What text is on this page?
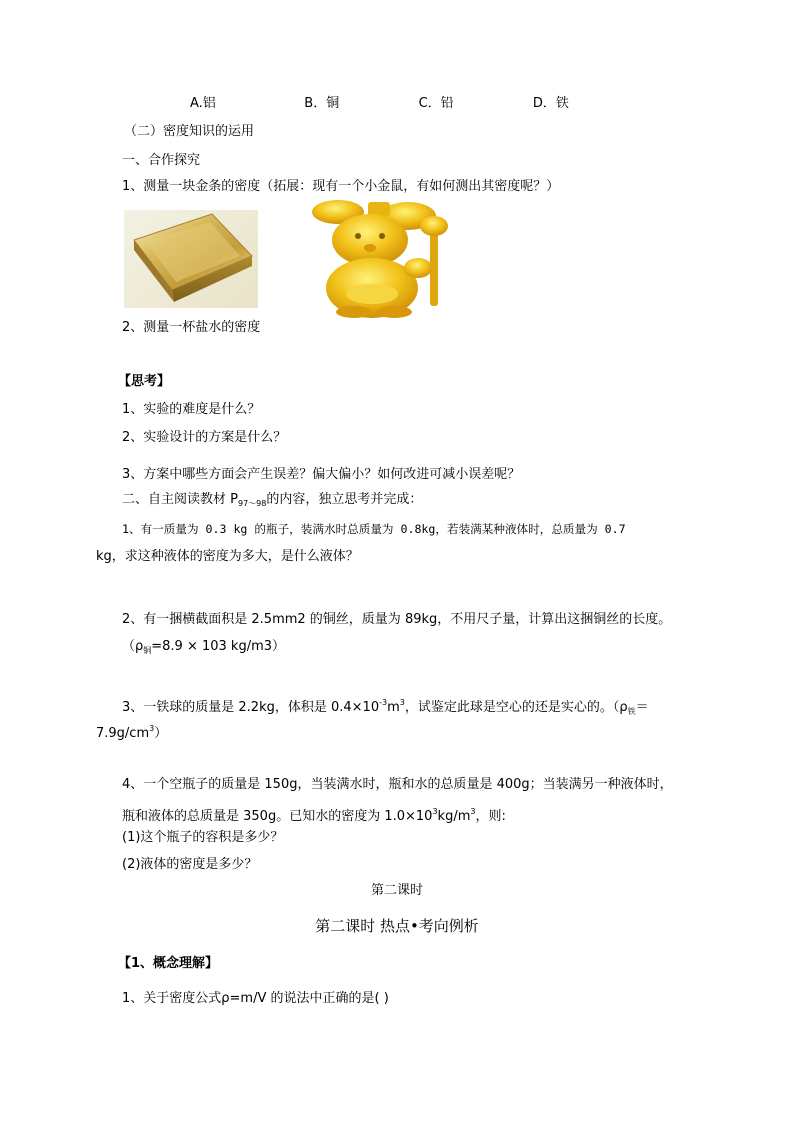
A.铝	B．铜	C．铅	D．铁
（二）密度知识的运用
一、合作探究
1、测量一块金条的密度（拓展：现有一个小金鼠，有如何测出其密度呢？）
2、测量一杯盐水的密度
【思考】
1、实验的难度是什么？
2、实验设计的方案是什么？
3、方案中哪些方面会产生误差？偏大偏小？如何改进可减小误差呢？
二、自主阅读教材 $P_{97\sim 98}$的内容，独立思考并完成：
1、有一质量为 0.3 kg 的瓶子，装满水时总质量为 0.8kg，若装满某种液体时，总质量为 0.7
kg，求这种液体的密度为多大，是什么液体？
2、有一捆横截面积是 2.5mm2 的铜丝，质量为 89kg，不用尺子量，计算出这捆铜丝的长度。
（$\rho_铜=8.9 \times 103$ kg/m3）
3、一铁球的质量是 2.2kg，体积是 $0.4\times 10^{-3}m^3$，试鉴定此球是空心的还是实心的。（$\rho_铁=$
$7.9g/cm^3$）
4、一个空瓶子的质量是 150g，当装满水时，瓶和水的总质量是 400g；当装满另一种液体时，
瓶和液体的总质量是 350g。已知水的密度为 $1.0\times 10^3kg/m^3$，则:
(1)这个瓶子的容积是多少？
(2)液体的密度是多少？
第二课时
第二课时 热点•考向例析
【1、概念理解】
1、关于密度公式ρ=m/V 的说法中正确的是( )
